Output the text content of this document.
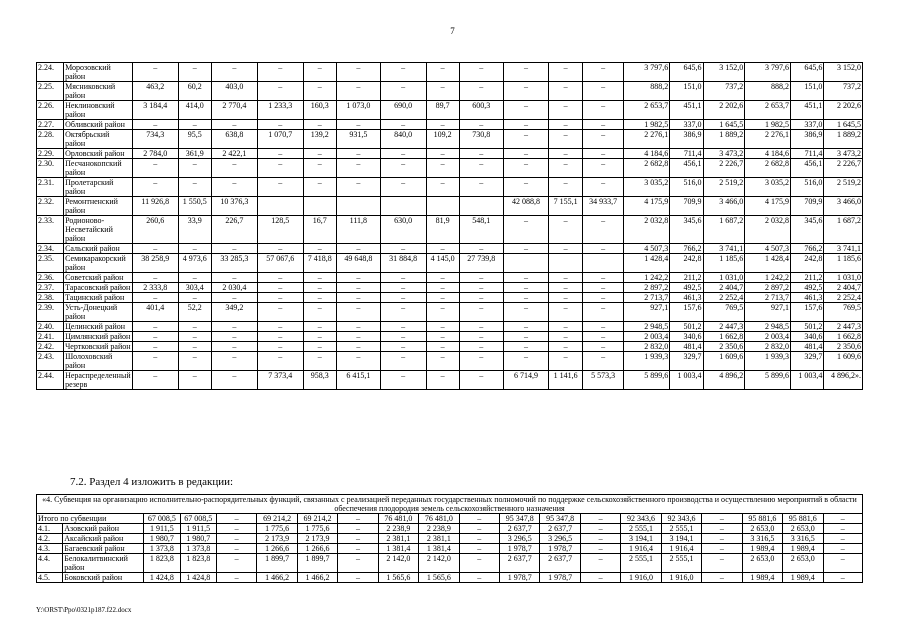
7
2.24.	Морозовский район	–	–	–	–	–	–	–	–	–	–	–	–	3 797,6	645,6	3 152,0	3 797,6	645,6	3 152,0
2.25.	Мясниковский район	463,2	60,2	403,0	–	–	–	–	–	–	–	–	–	888,2	151,0	737,2	888,2	151,0	737,2
2.26.	Неклиновский район	3 184,4	414,0	2 770,4	1 233,3	160,3	1 073,0	690,0	89,7	600,3	–	–	–	2 653,7	451,1	2 202,6	2 653,7	451,1	2 202,6
2.27.	Обливский район	–	–	–	–	–	–	–	–	–	–	–	–	1 982,5	337,0	1 645,5	1 982,5	337,0	1 645,5
2.28.	Октябрьский район	734,3	95,5	638,8	1 070,7	139,2	931,5	840,0	109,2	730,8	–	–	–	2 276,1	386,9	1 889,2	2 276,1	386,9	1 889,2
2.29.	Орловский район	2 784,0	361,9	2 422,1	–	–	–	–	–	–	–	–	–	4 184,6	711,4	3 473,2	4 184,6	711,4	3 473,2
2.30.	Песчанокопский район	–	–	–	–	–	–	–	–	–	–	–	–	2 682,8	456,1	2 226,7	2 682,8	456,1	2 226,7
2.31.	Пролетарский район	–	–	–	–	–	–	–	–	–	–	–	–	3 035,2	516,0	2 519,2	3 035,2	516,0	2 519,2
2.32.	Ремонтненский район	11 926,8	1 550,5	10 376,3							42 088,8	7 155,1	34 933,7	4 175,9	709,9	3 466,0	4 175,9	709,9	3 466,0
2.33.	Родионово-Несветайский район	260,6	33,9	226,7	128,5	16,7	111,8	630,0	81,9	548,1	–	–	–	2 032,8	345,6	1 687,2	2 032,8	345,6	1 687,2
2.34.	Сальский район	–	–	–	–	–	–	–	–	–	–	–	–	4 507,3	766,2	3 741,1	4 507,3	766,2	3 741,1
2.35.	Семикаракорский район	38 258,9	4 973,6	33 285,3	57 067,6	7 418,8	49 648,8	31 884,8	4 145,0	27 739,8				1 428,4	242,8	1 185,6	1 428,4	242,8	1 185,6
2.36.	Советский район	–	–	–	–	–	–	–	–	–	–	–	–	1 242,2	211,2	1 031,0	1 242,2	211,2	1 031,0
2.37.	Тарасовский район	2 333,8	303,4	2 030,4	–	–	–	–	–	–	–	–	–	2 897,2	492,5	2 404,7	2 897,2	492,5	2 404,7
2.38.	Тацинский район	–	–	–	–	–	–	–	–	–	–	–	–	2 713,7	461,3	2 252,4	2 713,7	461,3	2 252,4
2.39.	Усть-Донецкий район	401,4	52,2	349,2	–	–	–	–	–	–	–	–	–	927,1	157,6	769,5	927,1	157,6	769,5
2.40.	Целинский район	–	–	–	–	–	–	–	–	–	–	–	–	2 948,5	501,2	2 447,3	2 948,5	501,2	2 447,3
2.41.	Цимлянский район	–	–	–	–	–	–	–	–	–	–	–	–	2 003,4	340,6	1 662,8	2 003,4	340,6	1 662,8
2.42.	Чертковский район	–	–	–	–	–	–	–	–	–	–	–	–	2 832,0	481,4	2 350,6	2 832,0	481,4	2 350,6
2.43.	Шолоховский район	–	–	–	–	–	–	–	–	–	–	–	–	1 939,3	329,7	1 609,6	1 939,3	329,7	1 609,6
2.44.	Нераспределенный резерв	–	–	–	7 373,4	958,3	6 415,1	–	–	–	6 714,9	1 141,6	5 573,3	5 899,6	1 003,4	4 896,2	5 899,6	1 003,4	4 896,2».
7.2. Раздел 4 изложить в редакции:
«4. Субвенция на организацию исполнительно-распорядительных функций, связанных с реализацией переданных государственных полномочий по поддержке сельскохозяйственного производства и осуществлению мероприятий в области обеспечения плодородия земель сельскохозяйственного назначения																			
Итого по субвенции		67 008,5	67 008,5	–	69 214,2	69 214,2	–	76 481,0	76 481,0	–	95 347,8	95 347,8	–	92 343,6	92 343,6	–	95 881,6	95 881,6	–
4.1.	Азовский район	1 911,5	1 911,5	–	1 775,6	1 775,6	–	2 238,9	2 238,9	–	2 637,7	2 637,7	–	2 555,1	2 555,1	–	2 653,0	2 653,0	–
4.2.	Аксайский район	1 980,7	1 980,7	–	2 173,9	2 173,9	–	2 381,1	2 381,1	–	3 296,5	3 296,5	–	3 194,1	3 194,1	–	3 316,5	3 316,5	–
4.3.	Багаевский район	1 373,8	1 373,8	–	1 266,6	1 266,6	–	1 381,4	1 381,4	–	1 978,7	1 978,7	–	1 916,4	1 916,4	–	1 989,4	1 989,4	–
4.4.	Белокалитвинский район	1 823,8	1 823,8	–	1 899,7	1 899,7	–	2 142,0	2 142,0	–	2 637,7	2 637,7	–	2 555,1	2 555,1	–	2 653,0	2 653,0	–
4.5.	Боковский район	1 424,8	1 424,8	–	1 466,2	1 466,2	–	1 565,6	1 565,6	–	1 978,7	1 978,7	–	1 916,0	1 916,0	–	1 989,4	1 989,4	–
Y:\ORST\Ppo\0321p187.f22.docx
